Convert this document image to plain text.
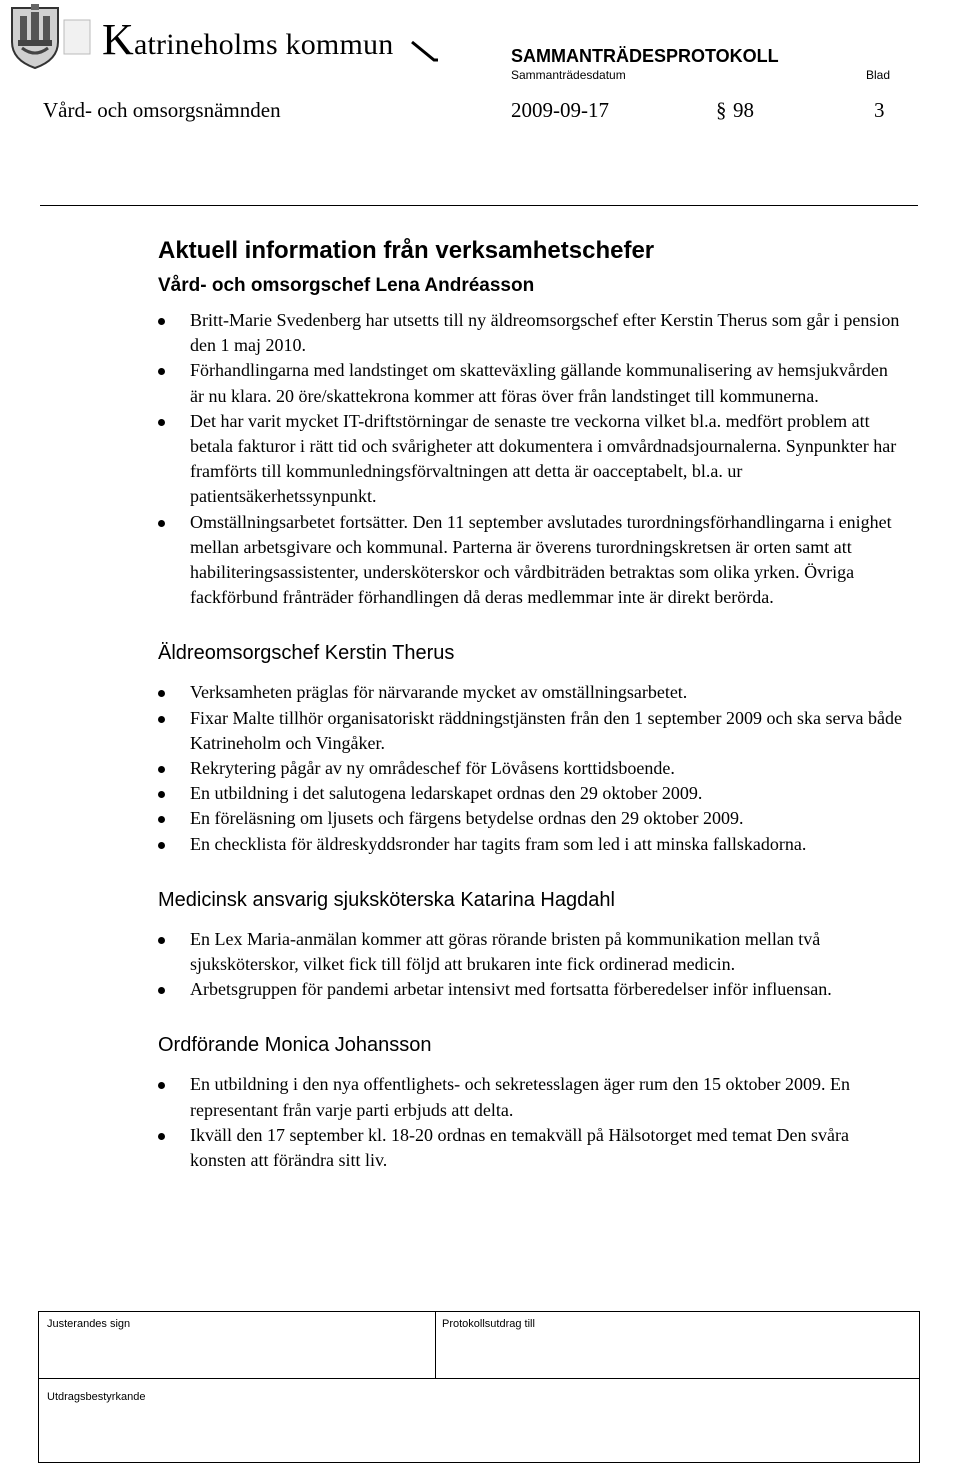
Katrineholms kommun	SAMMANTRÄDESPROTOKOLL
Sammanträdesdatum	Blad
Vård- och omsorgsnämnden	2009-09-17	§ 98	3
Aktuell information från verksamhetschefer
Vård- och omsorgschef Lena Andréasson
Britt-Marie Svedenberg har utsetts till ny äldreomsorgschef efter Kerstin Therus som går i pension den 1 maj 2010.
Förhandlingarna med landstinget om skatteväxling gällande kommunalisering av hemsjukvården är nu klara. 20 öre/skattekrona kommer att föras över från landstinget till kommunerna.
Det har varit mycket IT-driftstörningar de senaste tre veckorna vilket bl.a. medfört problem att betala fakturor i rätt tid och svårigheter att dokumentera i omvårdnadsjournalerna. Synpunkter har framförts till kommunledningsförvaltningen att detta är oacceptabelt, bl.a. ur patientsäkerhetssynpunkt.
Omställningsarbetet fortsätter. Den 11 september avslutades turordningsförhandlingarna i enighet mellan arbetsgivare och kommunal. Parterna är överens turordningskretsen är orten samt att habiliteringsassistenter, undersköterskor och vårdbiträden betraktas som olika yrken. Övriga fackförbund frånträder förhandlingen då deras medlemmar inte är direkt berörda.
Äldreomsorgschef Kerstin Therus
Verksamheten präglas för närvarande mycket av omställningsarbetet.
Fixar Malte tillhör organisatoriskt räddningstjänsten från den 1 september 2009 och ska serva både Katrineholm och Vingåker.
Rekrytering pågår av ny områdeschef för Lövåsens korttidsboende.
En utbildning i det salutogena ledarskapet ordnas den 29 oktober 2009.
En föreläsning om ljusets och färgens betydelse ordnas den 29 oktober 2009.
En checklista för äldreskyddsronder har tagits fram som led i att minska fallskadorna.
Medicinsk ansvarig sjuksköterska Katarina Hagdahl
En Lex Maria-anmälan kommer att göras rörande bristen på kommunikation mellan två sjuksköterskor, vilket fick till följd att brukaren inte fick ordinerad medicin.
Arbetsgruppen för pandemi arbetar intensivt med fortsatta förberedelser inför influensan.
Ordförande Monica Johansson
En utbildning i den nya offentlighets- och sekretesslagen äger rum den 15 oktober 2009. En representant från varje parti erbjuds att delta.
Ikväll den 17 september kl. 18-20 ordnas en temakväll på Hälsotorget med temat Den svåra konsten att förändra sitt liv.
Justerandes sign	Protokollsutdrag till
Utdragsbestyrkande
